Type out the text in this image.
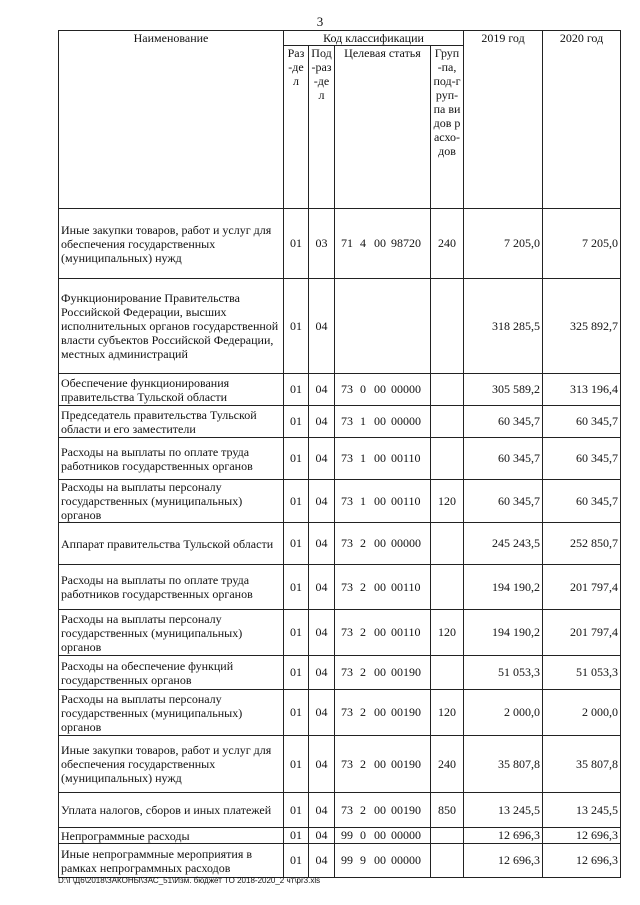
3
Наименование	Код классификации				2019 год	2020 год
	Раз-дел	Под-раз-дел	Целевая статья	Груп-па, под-груп-па видов расхо-дов		
Иные закупки товаров, работ и услуг для обеспечения государственных (муниципальных) нужд	01	03	71 4 00 98720	240	7 205,0	7 205,0
Функционирование Правительства Российской Федерации, высших исполнительных органов государственной власти субъектов Российской Федерации, местных администраций	01	04			318 285,5	325 892,7
Обеспечение функционирования правительства Тульской области	01	04	73 0 00 00000		305 589,2	313 196,4
Председатель правительства Тульской области и его заместители	01	04	73 1 00 00000		60 345,7	60 345,7
Расходы на выплаты по оплате труда работников государственных органов	01	04	73 1 00 00110		60 345,7	60 345,7
Расходы на выплаты персоналу государственных (муниципальных) органов	01	04	73 1 00 00110	120	60 345,7	60 345,7
Аппарат правительства Тульской области	01	04	73 2 00 00000		245 243,5	252 850,7
Расходы на выплаты по оплате труда работников государственных органов	01	04	73 2 00 00110		194 190,2	201 797,4
Расходы на выплаты персоналу государственных (муниципальных) органов	01	04	73 2 00 00110	120	194 190,2	201 797,4
Расходы на обеспечение функций государственных органов	01	04	73 2 00 00190		51 053,3	51 053,3
Расходы на выплаты персоналу государственных (муниципальных) органов	01	04	73 2 00 00190	120	2 000,0	2 000,0
Иные закупки товаров, работ и услуг для обеспечения государственных (муниципальных) нужд	01	04	73 2 00 00190	240	35 807,8	35 807,8
Уплата налогов, сборов и иных платежей	01	04	73 2 00 00190	850	13 245,5	13 245,5
Непрограммные расходы	01	04	99 0 00 00000		12 696,3	12 696,3
Иные непрограммные мероприятия в рамках непрограммных расходов	01	04	99 9 00 00000		12 696,3	12 696,3
D:\Г\Д6\2018\ЗАКОНЫ\ЗАС_51\Изм. бюджет ТО 2018-2020_2 чт\pr3.xls
